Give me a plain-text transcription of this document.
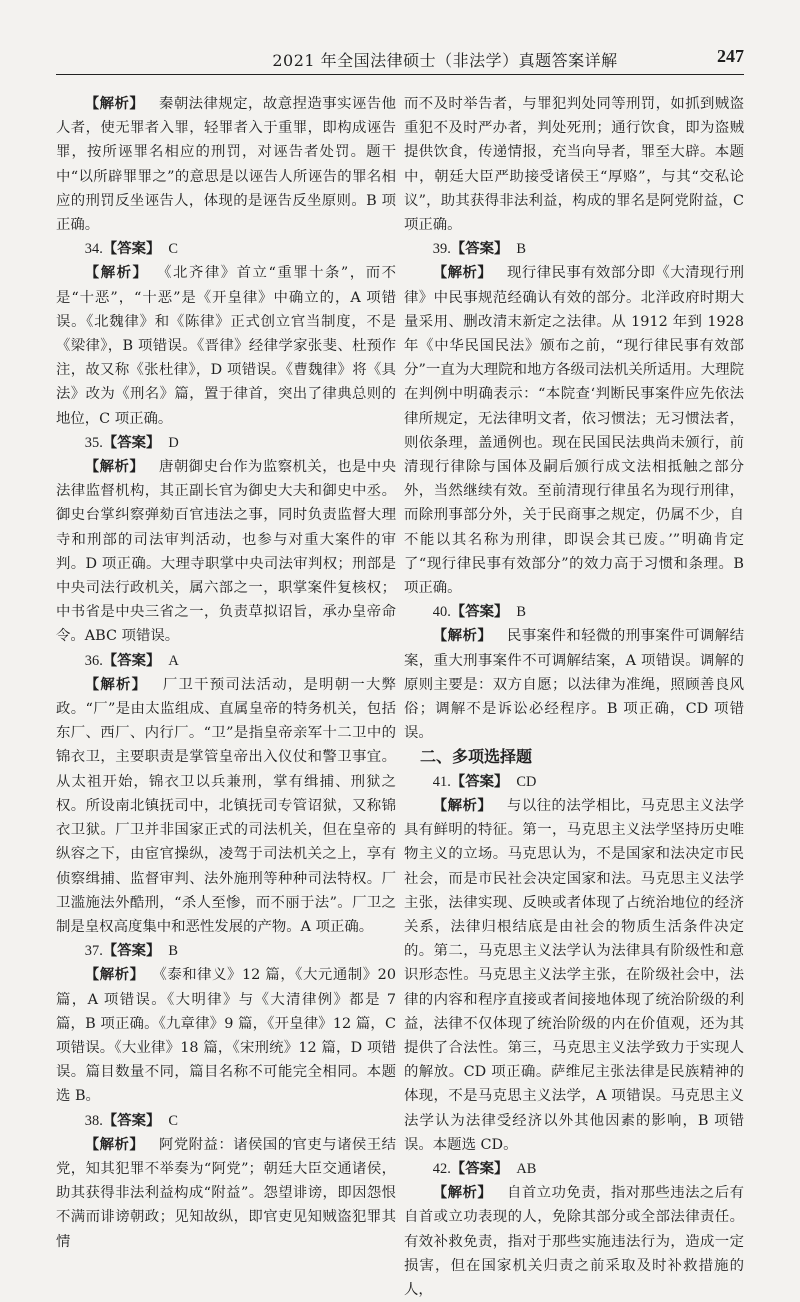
2021 年全国法律硕士（非法学）真题答案详解	247

【解析】  秦朝法律规定，故意捏造事实诬告他人者，使无罪者入罪，轻罪者入于重罪，即构成诬告罪，按所诬罪名相应的刑罚，对诬告者处罚。题干中“以所辟罪罪之”的意思是以诬告人所诬告的罪名相应的刑罚反坐诬告人，体现的是诬告反坐原则。B 项正确。

34.【答案】 C

【解析】  《北齐律》首立“重罪十条”，而不是“十恶”，“十恶”是《开皇律》中确立的，A 项错误。《北魏律》和《陈律》正式创立官当制度，不是《梁律》，B 项错误。《晋律》经律学家张斐、杜预作注，故又称《张杜律》，D 项错误。《曹魏律》将《具法》改为《刑名》篇，置于律首，突出了律典总则的地位，C 项正确。

35.【答案】 D

【解析】  唐朝御史台作为监察机关，也是中央法律监督机构，其正副长官为御史大夫和御史中丞。御史台掌纠察弹劾百官违法之事，同时负责监督大理寺和刑部的司法审判活动，也参与对重大案件的审判。D 项正确。大理寺职掌中央司法审判权；刑部是中央司法行政机关，属六部之一，职掌案件复核权；中书省是中央三省之一，负责草拟诏旨，承办皇帝命令。ABC 项错误。

36.【答案】 A

【解析】  厂卫干预司法活动，是明朝一大弊政。“厂”是由太监组成、直属皇帝的特务机关，包括东厂、西厂、内行厂。“卫”是指皇帝亲军十二卫中的锦衣卫，主要职责是掌管皇帝出入仪仗和警卫事宜。从太祖开始，锦衣卫以兵兼刑，掌有缉捕、刑狱之权。所设南北镇抚司中，北镇抚司专管诏狱，又称锦衣卫狱。厂卫并非国家正式的司法机关，但在皇帝的纵容之下，由宦官操纵，凌驾于司法机关之上，享有侦察缉捕、监督审判、法外施刑等种种司法特权。厂卫滥施法外酷刑，“杀人至惨，而不丽于法”。厂卫之制是皇权高度集中和恶性发展的产物。A 项正确。

37.【答案】 B

【解析】  《泰和律义》12 篇，《大元通制》20 篇，A 项错误。《大明律》与《大清律例》都是 7 篇，B 项正确。《九章律》9 篇，《开皇律》12 篇，C 项错误。《大业律》18 篇，《宋刑统》12 篇，D 项错误。篇目数量不同，篇目名称不可能完全相同。本题选 B。

38.【答案】 C

【解析】  阿党附益：诸侯国的官吏与诸侯王结党，知其犯罪不举奏为“阿党”；朝廷大臣交通诸侯，助其获得非法利益构成“附益”。怨望诽谤，即因怨恨不满而诽谤朝政；见知故纵，即官吏见知贼盗犯罪其情

而不及时举告者，与罪犯判处同等刑罚，如抓到贼盗重犯不及时严办者，判处死刑；通行饮食，即为盗贼提供饮食，传递情报，充当向导者，罪至大辟。本题中，朝廷大臣严助接受诸侯王“厚赂”，与其“交私论议”，助其获得非法利益，构成的罪名是阿党附益，C 项正确。

39.【答案】 B

【解析】  现行律民事有效部分即《大清现行刑律》中民事规范经确认有效的部分。北洋政府时期大量采用、删改清末新定之法律。从 1912 年到 1928 年《中华民国民法》颁布之前，“现行律民事有效部分”一直为大理院和地方各级司法机关所适用。大理院在判例中明确表示：“本院查‘判断民事案件应先依法律所规定，无法律明文者，依习惯法；无习惯法者，则依条理，盖通例也。现在民国民法典尚未颁行，前清现行律除与国体及嗣后颁行成文法相抵触之部分外，当然继续有效。至前清现行律虽名为现行刑律，而除刑事部分外，关于民商事之规定，仍属不少，自不能以其名称为刑律，即误会其已废。’”明确肯定了“现行律民事有效部分”的效力高于习惯和条理。B 项正确。

40.【答案】 B

【解析】  民事案件和轻微的刑事案件可调解结案，重大刑事案件不可调解结案，A 项错误。调解的原则主要是：双方自愿；以法律为准绳，照顾善良风俗；调解不是诉讼必经程序。B 项正确，CD 项错误。

二、多项选择题

41.【答案】 CD

【解析】  与以往的法学相比，马克思主义法学具有鲜明的特征。第一，马克思主义法学坚持历史唯物主义的立场。马克思认为，不是国家和法决定市民社会，而是市民社会决定国家和法。马克思主义法学主张，法律实现、反映或者体现了占统治地位的经济关系，法律归根结底是由社会的物质生活条件决定的。第二，马克思主义法学认为法律具有阶级性和意识形态性。马克思主义法学主张，在阶级社会中，法律的内容和程序直接或者间接地体现了统治阶级的利益，法律不仅体现了统治阶级的内在价值观，还为其提供了合法性。第三，马克思主义法学致力于实现人的解放。CD 项正确。萨维尼主张法律是民族精神的体现，不是马克思主义法学，A 项错误。马克思主义法学认为法律受经济以外其他因素的影响，B 项错误。本题选 CD。

42.【答案】 AB

【解析】  自首立功免责，指对那些违法之后有自首或立功表现的人，免除其部分或全部法律责任。有效补救免责，指对于那些实施违法行为，造成一定损害，但在国家机关归责之前采取及时补救措施的人，
